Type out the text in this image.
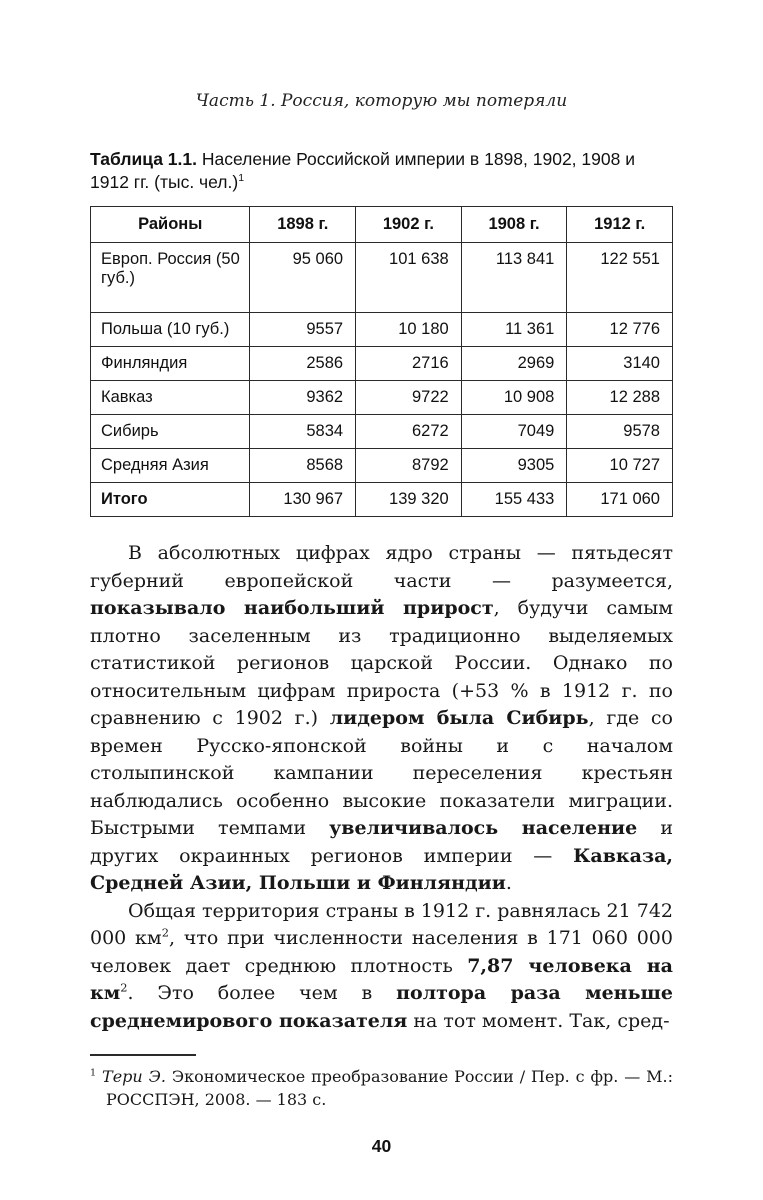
Часть 1. Россия, которую мы потеряли
Таблица 1.1. Население Российской империи в 1898, 1902, 1908 и 1912 гг. (тыс. чел.)$^1$
Районы	1898 г.	1902 г.	1908 г.	1912 г.
Европ. Россия (50 губ.)	95 060	101 638	113 841	122 551
Польша (10 губ.)	9557	10 180	11 361	12 776
Финляндия	2586	2716	2969	3140
Кавказ	9362	9722	10 908	12 288
Сибирь	5834	6272	7049	9578
Средняя Азия	8568	8792	9305	10 727
Итого	130 967	139 320	155 433	171 060

В абсолютных цифрах ядро страны — пятьдесят губерний европейской части — разумеется, показывало наибольший прирост, будучи самым плотно заселенным из традиционно выделяемых статистикой регионов царской России. Однако по относительным цифрам прироста (+53 % в 1912 г. по сравнению с 1902 г.) лидером была Сибирь, где со времен Русско-японской войны и с началом столыпинской кампании переселения крестьян наблюдались особенно высокие показатели миграции. Быстрыми темпами увеличивалось население и других окраинных регионов империи — Кавказа, Средней Азии, Польши и Финляндии.

Общая территория страны в 1912 г. равнялась 21 742 000 $км^2$, что при численности населения в 171 060 000 человек дает среднюю плотность 7,87 человека на $км^2$. Это более чем в полтора раза меньше среднемирового показателя на тот момент. Так, сред-

$^1$ Тери Э. Экономическое преобразование России / Пер. с фр. — М.: РОССПЭН, 2008. — 183 с.
40
